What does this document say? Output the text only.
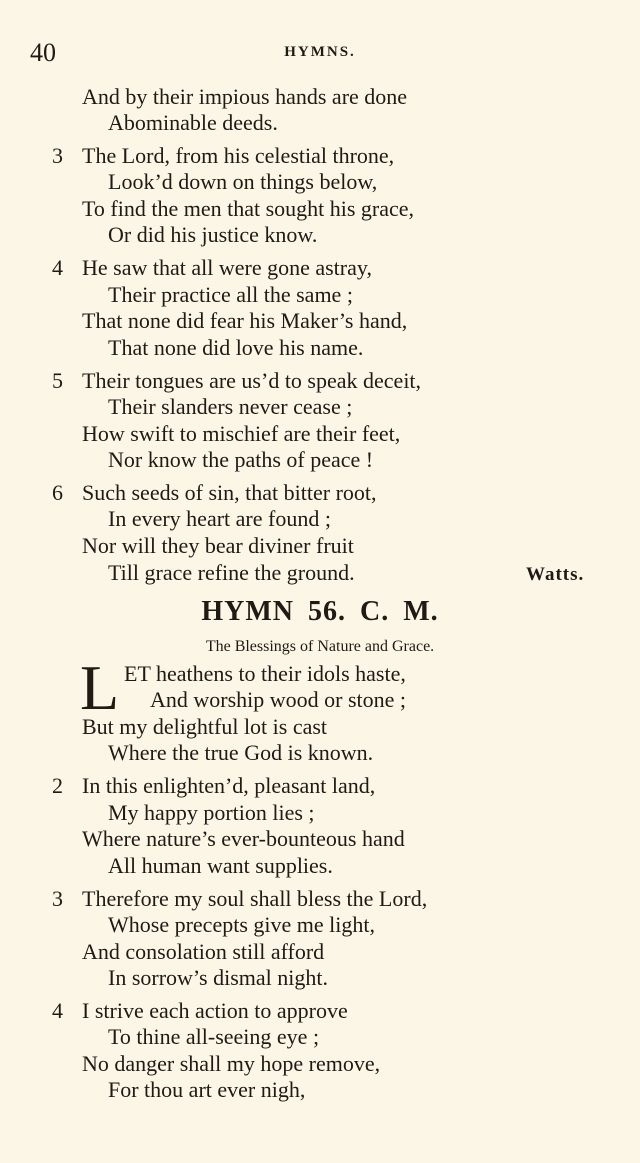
40	HYMNS.
And by their impious hands are done
Abominable deeds.
3 The Lord, from his celestial throne,
Look’d down on things below,
To find the men that sought his grace,
Or did his justice know.
4 He saw that all were gone astray,
Their practice all the same ;
That none did fear his Maker’s hand,
That none did love his name.
5 Their tongues are us’d to speak deceit,
Their slanders never cease ;
How swift to mischief are their feet,
Nor know the paths of peace !
6 Such seeds of sin, that bitter root,
In every heart are found ;
Nor will they bear diviner fruit
Till grace refine the ground.	Watts.
HYMN 56. C. M.
The Blessings of Nature and Grace.
L ET heathens to their idols haste,
And worship wood or stone ;
But my delightful lot is cast
Where the true God is known.
2 In this enlighten’d, pleasant land,
My happy portion lies ;
Where nature’s ever-bounteous hand
All human want supplies.
3 Therefore my soul shall bless the Lord,
Whose precepts give me light,
And consolation still afford
In sorrow’s dismal night.
4 I strive each action to approve
To thine all-seeing eye ;
No danger shall my hope remove,
For thou art ever nigh,
